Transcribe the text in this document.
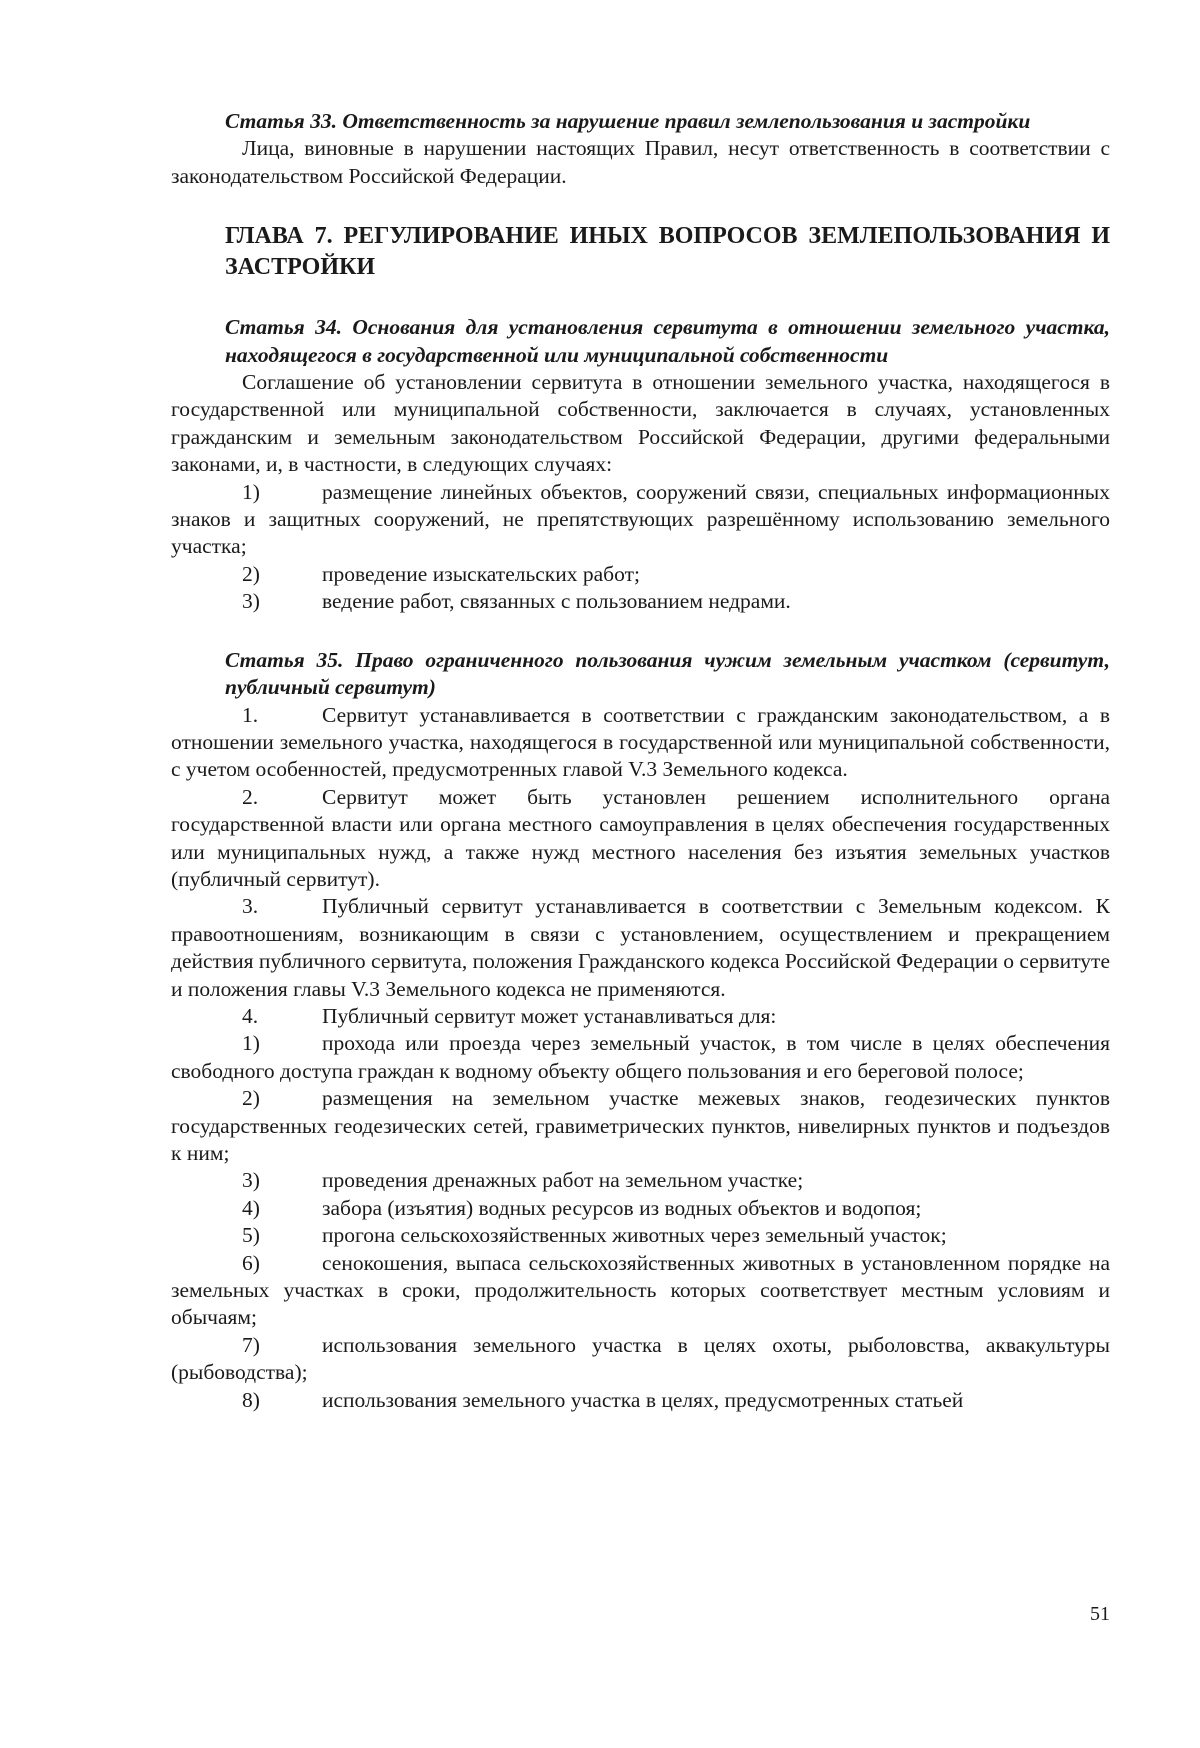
Статья 33. Ответственность за нарушение правил землепользования и застройки

Лица, виновные в нарушении настоящих Правил, несут ответственность в соответствии с законодательством Российской Федерации.

ГЛАВА 7. РЕГУЛИРОВАНИЕ ИНЫХ ВОПРОСОВ ЗЕМЛЕПОЛЬЗОВАНИЯ И ЗАСТРОЙКИ

Статья 34. Основания для установления сервитута в отношении земельного участка, находящегося в государственной или муниципальной собственности

Соглашение об установлении сервитута в отношении земельного участка, находящегося в государственной или муниципальной собственности, заключается в случаях, установленных гражданским и земельным законодательством Российской Федерации, другими федеральными законами, и, в частности, в следующих случаях:

1)	размещение линейных объектов, сооружений связи, специальных информационных знаков и защитных сооружений, не препятствующих разрешённому использованию земельного участка;

2)	проведение изыскательских работ;

3)	ведение работ, связанных с пользованием недрами.

Статья 35. Право ограниченного пользования чужим земельным участком (сервитут, публичный сервитут)

1.	Сервитут устанавливается в соответствии с гражданским законодательством, а в отношении земельного участка, находящегося в государственной или муниципальной собственности, с учетом особенностей, предусмотренных главой V.3 Земельного кодекса.

2.	Сервитут может быть установлен решением исполнительного органа государственной власти или органа местного самоуправления в целях обеспечения государственных или муниципальных нужд, а также нужд местного населения без изъятия земельных участков (публичный сервитут).

3.	Публичный сервитут устанавливается в соответствии с Земельным кодексом. К правоотношениям, возникающим в связи с установлением, осуществлением и прекращением действия публичного сервитута, положения Гражданского кодекса Российской Федерации о сервитуте и положения главы V.3 Земельного кодекса не применяются.

4.	Публичный сервитут может устанавливаться для:

1)	прохода или проезда через земельный участок, в том числе в целях обеспечения свободного доступа граждан к водному объекту общего пользования и его береговой полосе;

2)	размещения на земельном участке межевых знаков, геодезических пунктов государственных геодезических сетей, гравиметрических пунктов, нивелирных пунктов и подъездов к ним;

3)	проведения дренажных работ на земельном участке;

4)	забора (изъятия) водных ресурсов из водных объектов и водопоя;

5)	прогона сельскохозяйственных животных через земельный участок;

6)	сенокошения, выпаса сельскохозяйственных животных в установленном порядке на земельных участках в сроки, продолжительность которых соответствует местным условиям и обычаям;

7)	использования земельного участка в целях охоты, рыболовства, аквакультуры (рыбоводства);

8)	использования земельного участка в целях, предусмотренных статьей

51
